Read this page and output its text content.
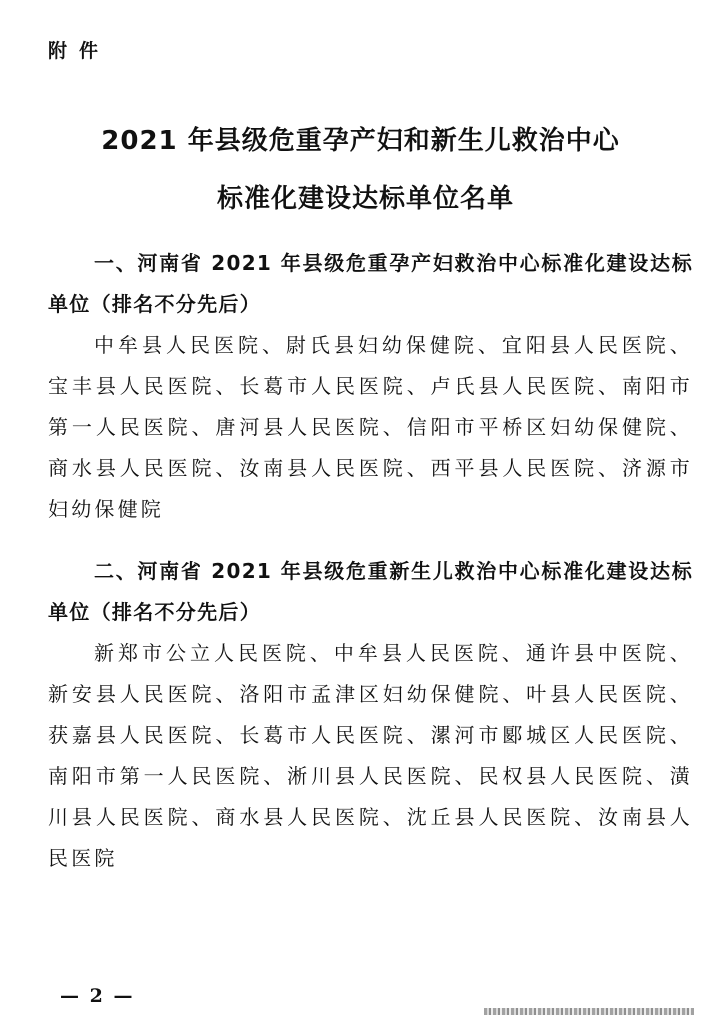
附件
2021 年县级危重孕产妇和新生儿救治中心
标准化建设达标单位名单

一、河南省 2021 年县级危重孕产妇救治中心标准化建设达标单位（排名不分先后）

中牟县人民医院、尉氏县妇幼保健院、宜阳县人民医院、宝丰县人民医院、长葛市人民医院、卢氏县人民医院、南阳市第一人民医院、唐河县人民医院、信阳市平桥区妇幼保健院、商水县人民医院、汝南县人民医院、西平县人民医院、济源市妇幼保健院

二、河南省 2021 年县级危重新生儿救治中心标准化建设达标单位（排名不分先后）

新郑市公立人民医院、中牟县人民医院、通许县中医院、新安县人民医院、洛阳市孟津区妇幼保健院、叶县人民医院、获嘉县人民医院、长葛市人民医院、漯河市郾城区人民医院、南阳市第一人民医院、淅川县人民医院、民权县人民医院、潢川县人民医院、商水县人民医院、沈丘县人民医院、汝南县人民医院

— 2 —
